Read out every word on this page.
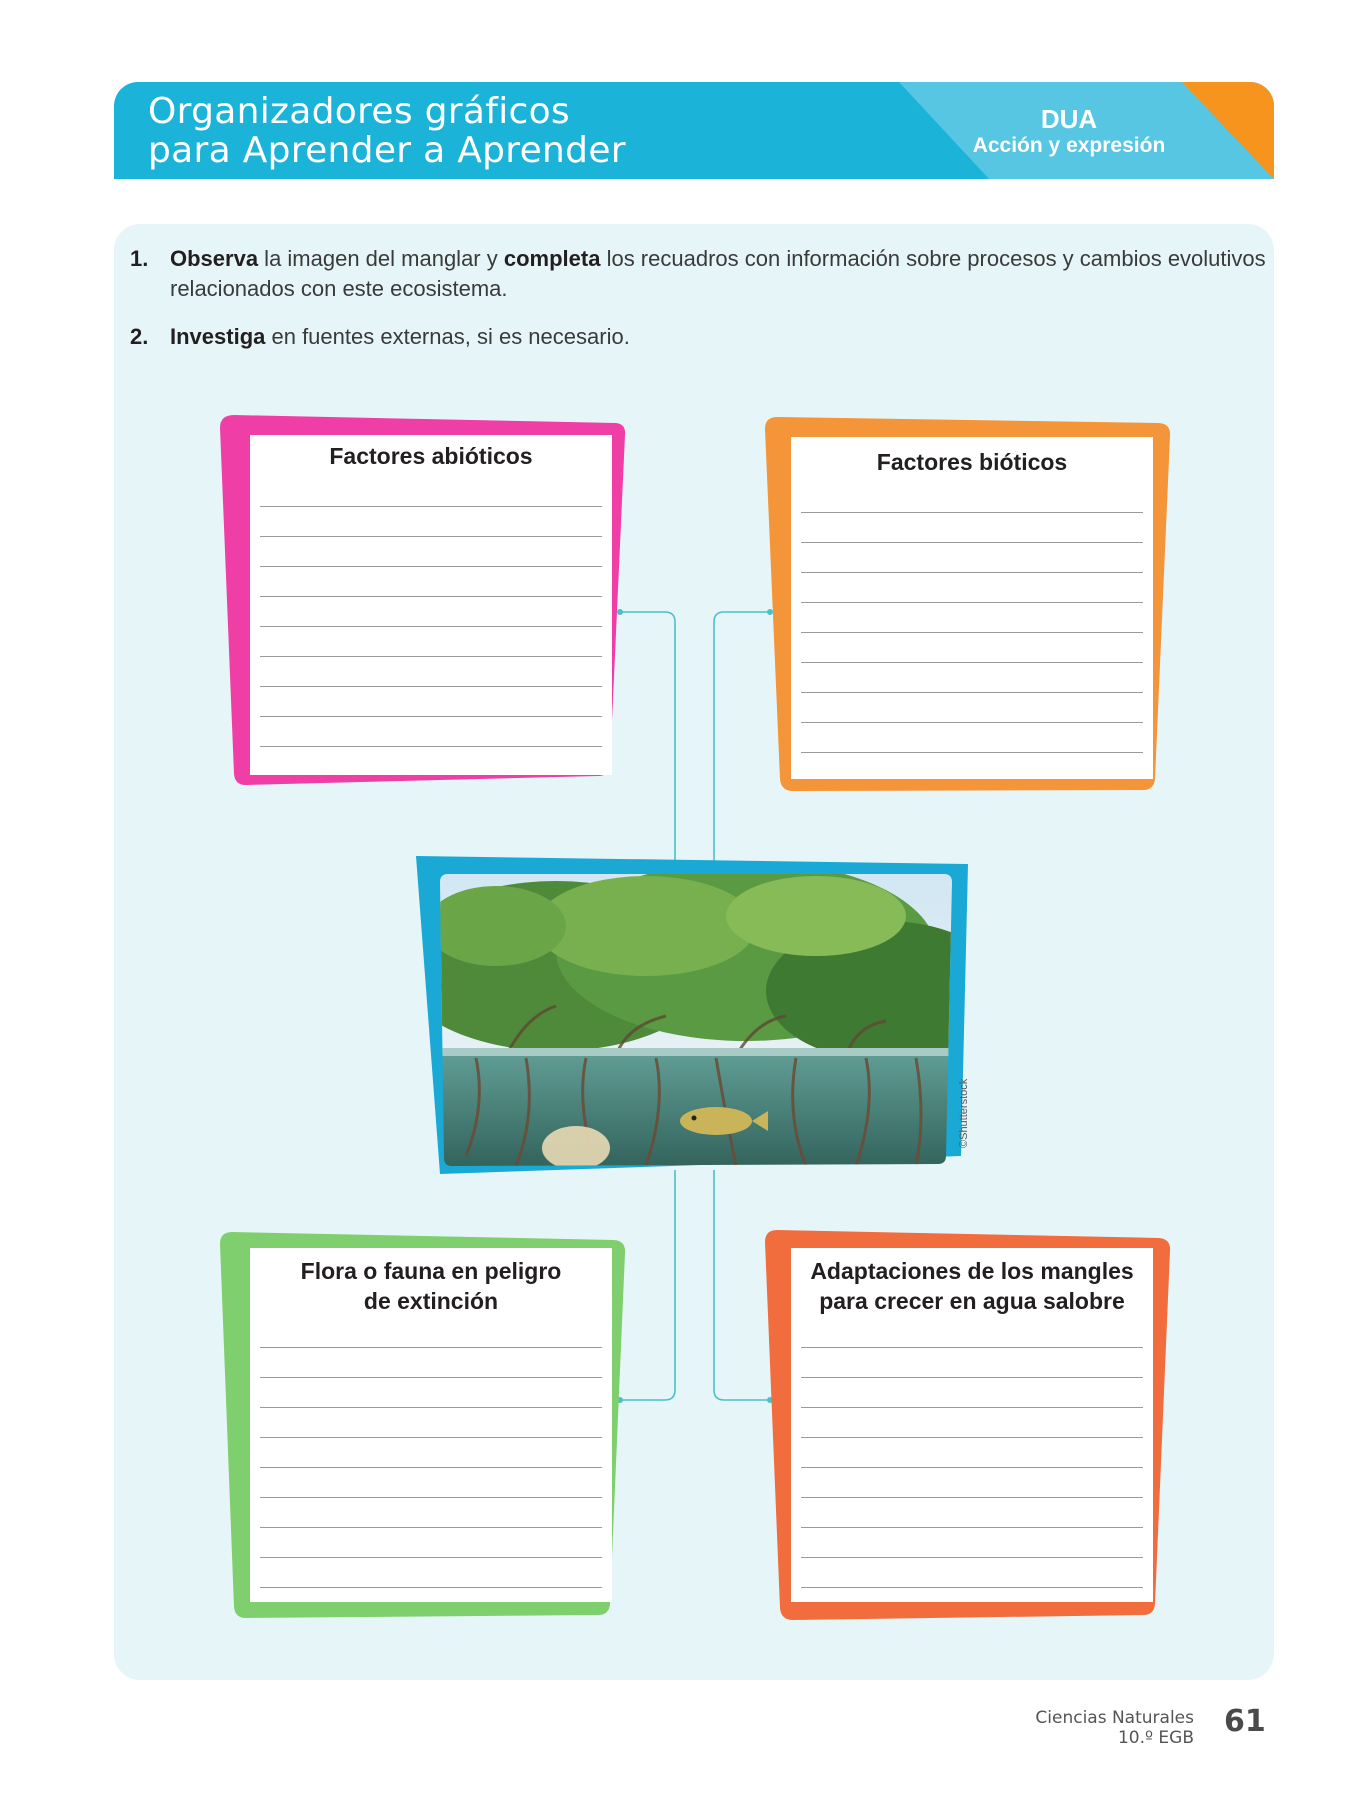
Organizadores gráficos
para Aprender a Aprender
DUA
Acción y expresión
1. Observa la imagen del manglar y completa los recuadros con información sobre procesos y cambios evolutivos relacionados con este ecosistema.
2. Investiga en fuentes externas, si es necesario.
Factores abióticos	Factores bióticos
©Shutterstock
Flora o fauna en peligro
de extinción
Adaptaciones de los mangles
para crecer en agua salobre
Ciencias Naturales
10.º EGB 61
